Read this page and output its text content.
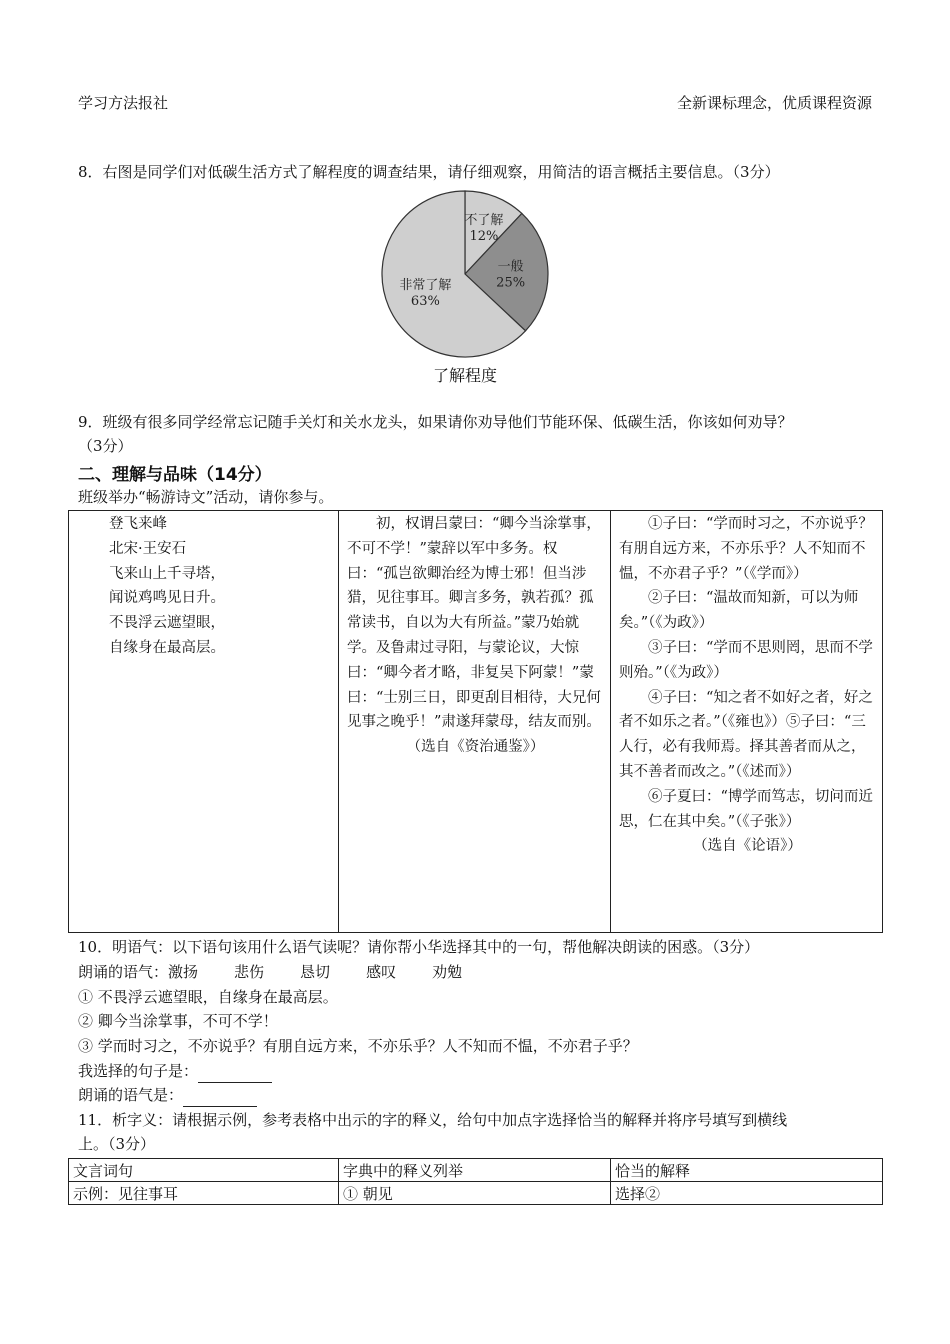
学习方法报社	全新课标理念，优质课程资源
8．右图是同学们对低碳生活方式了解程度的调查结果，请仔细观察，用简洁的语言概括主要信息。（3分）
不了解
12%
一般
25%
非常了解
63%
了解程度
9．班级有很多同学经常忘记随手关灯和关水龙头，如果请你劝导他们节能环保、低碳生活，你该如何劝导？
（3分）
二、理解与品味（14分）
班级举办“畅游诗文”活动，请你参与。
登飞来峰
北宋·王安石
飞来山上千寻塔，
闻说鸡鸣见日升。
不畏浮云遮望眼，
自缘身在最高层。

初，权谓吕蒙曰：“卿今当涂掌事，不可不学！”蒙辞以军中多务。权曰：“孤岂欲卿治经为博士邪！但当涉猎，见往事耳。卿言多务，孰若孤？孤常读书，自以为大有所益。”蒙乃始就学。及鲁肃过寻阳，与蒙论议，大惊曰：“卿今者才略，非复吴下阿蒙！”蒙曰：“士别三日，即更刮目相待，大兄何见事之晚乎！”肃遂拜蒙母，结友而别。
（选自《资治通鉴》）

①子曰：“学而时习之，不亦说乎？有朋自远方来，不亦乐乎？人不知而不愠，不亦君子乎？”（《学而》）
②子曰：“温故而知新，可以为师矣。”（《为政》）
③子曰：“学而不思则罔，思而不学则殆。”（《为政》）
④子曰：“知之者不如好之者，好之者不如乐之者。”（《雍也》）⑤子曰：“三人行，必有我师焉。择其善者而从之，其不善者而改之。”（《述而》）
⑥子夏曰：“博学而笃志，切问而近思，仁在其中矣。”（《子张》）
（选自《论语》）
10．明语气：以下语句该用什么语气读呢？请你帮小华选择其中的一句，帮他解决朗读的困惑。（3分）
朗诵的语气：激扬 悲伤 恳切 感叹 劝勉
① 不畏浮云遮望眼，自缘身在最高层。
② 卿今当涂掌事，不可不学！
③ 学而时习之，不亦说乎？有朋自远方来，不亦乐乎？人不知而不愠，不亦君子乎？
我选择的句子是：
朗诵的语气是：
11．析字义：请根据示例，参考表格中出示的字的释义，给句中加点字选择恰当的解释并将序号填写到横线
上。（3分）
文言词句	字典中的释义列举	恰当的解释
示例：见往事耳	① 朝见	选择②
